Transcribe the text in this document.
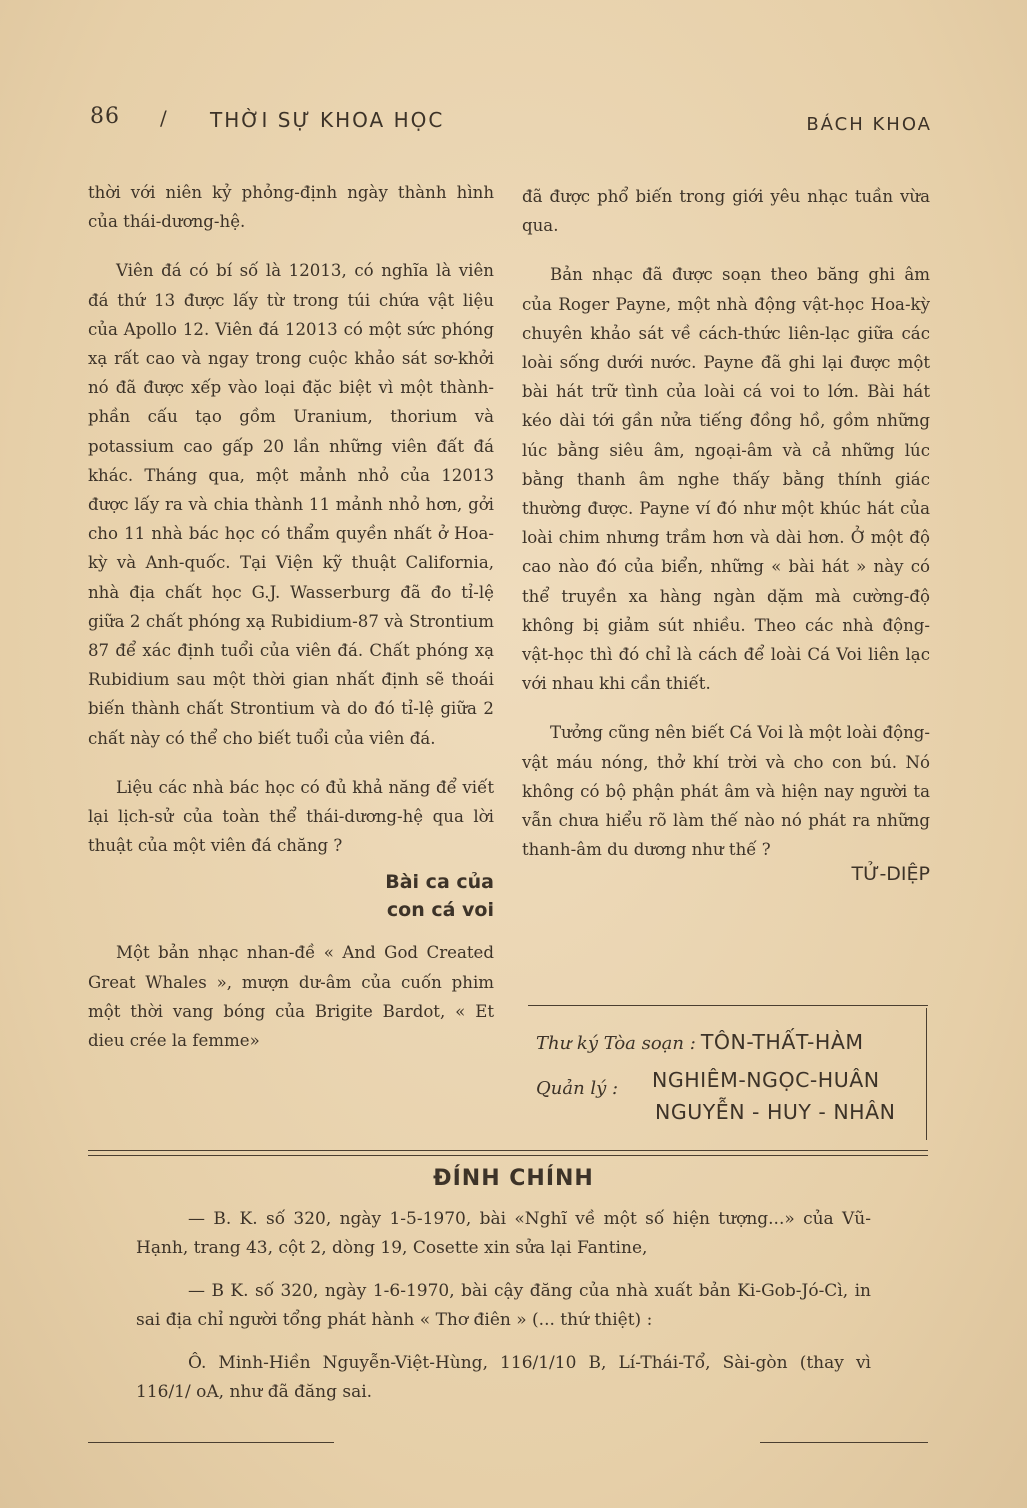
86 / THỜI SỰ KHOA HỌC	BÁCH KHOA

thời với niên kỷ phỏng-định ngày thành hình của thái-dương-hệ.

Viên đá có bí số là 12013, có nghĩa là viên đá thứ 13 được lấy từ trong túi chứa vật liệu của Apollo 12. Viên đá 12013 có một sức phóng xạ rất cao và ngay trong cuộc khảo sát sơ-khởi nó đã được xếp vào loại đặc biệt vì một thành-phần cấu tạo gồm Uranium, thorium và potassium cao gấp 20 lần những viên đất đá khác. Tháng qua, một mảnh nhỏ của 12013 được lấy ra và chia thành 11 mảnh nhỏ hơn, gởi cho 11 nhà bác học có thẩm quyền nhất ở Hoa-kỳ và Anh-quốc. Tại Viện kỹ thuật California, nhà địa chất học G.J. Wasserburg đã đo tỉ-lệ giữa 2 chất phóng xạ Rubidium-87 và Strontium 87 để xác định tuổi của viên đá. Chất phóng xạ Rubidium sau một thời gian nhất định sẽ thoái biến thành chất Strontium và do đó tỉ-lệ giữa 2 chất này có thể cho biết tuổi của viên đá.

Liệu các nhà bác học có đủ khả năng để viết lại lịch-sử của toàn thể thái-dương-hệ qua lời thuật của một viên đá chăng ?

Bài ca của
con cá voi

Một bản nhạc nhan-đề « And God Created Great Whales », mượn dư-âm của cuốn phim một thời vang bóng của Brigite Bardot, « Et dieu crée la femme»

đã được phổ biến trong giới yêu nhạc tuần vừa qua.

Bản nhạc đã được soạn theo băng ghi âm của Roger Payne, một nhà động vật-học Hoa-kỳ chuyên khảo sát về cách-thức liên-lạc giữa các loài sống dưới nước. Payne đã ghi lại được một bài hát trữ tình của loài cá voi to lớn. Bài hát kéo dài tới gần nửa tiếng đồng hồ, gồm những lúc bằng siêu âm, ngoại-âm và cả những lúc bằng thanh âm nghe thấy bằng thính giác thường được. Payne ví đó như một khúc hát của loài chim nhưng trầm hơn và dài hơn. Ở một độ cao nào đó của biển, những « bài hát » này có thể truyền xa hàng ngàn dặm mà cường-độ không bị giảm sút nhiều. Theo các nhà động-vật-học thì đó chỉ là cách để loài Cá Voi liên lạc với nhau khi cần thiết.

Tưởng cũng nên biết Cá Voi là một loài động-vật máu nóng, thở khí trời và cho con bú. Nó không có bộ phận phát âm và hiện nay người ta vẫn chưa hiểu rõ làm thế nào nó phát ra những thanh-âm du dương như thế ?

TỬ-DIỆP
Thư ký Tòa soạn : TÔN-THẤT-HÀM
Quản lý : NGHIÊM-NGỌC-HUÂN
NGUYỄN - HUY - NHÂN
ĐÍNH CHÍNH

— B. K. số 320, ngày 1-5-1970, bài «Nghĩ về một số hiện tượng...» của Vũ-Hạnh, trang 43, cột 2, dòng 19, Cosette xin sửa lại Fantine,

— B K. số 320, ngày 1-6-1970, bài cậy đăng của nhà xuất bản Ki-Gob-Jó-Cì, in sai địa chỉ người tổng phát hành « Thơ điên » (... thứ thiệt) :

Ô. Minh-Hiền Nguyễn-Việt-Hùng, 116/1/10 B, Lí-Thái-Tổ, Sài-gòn (thay vì 116/1/ oA, như đã đăng sai.
